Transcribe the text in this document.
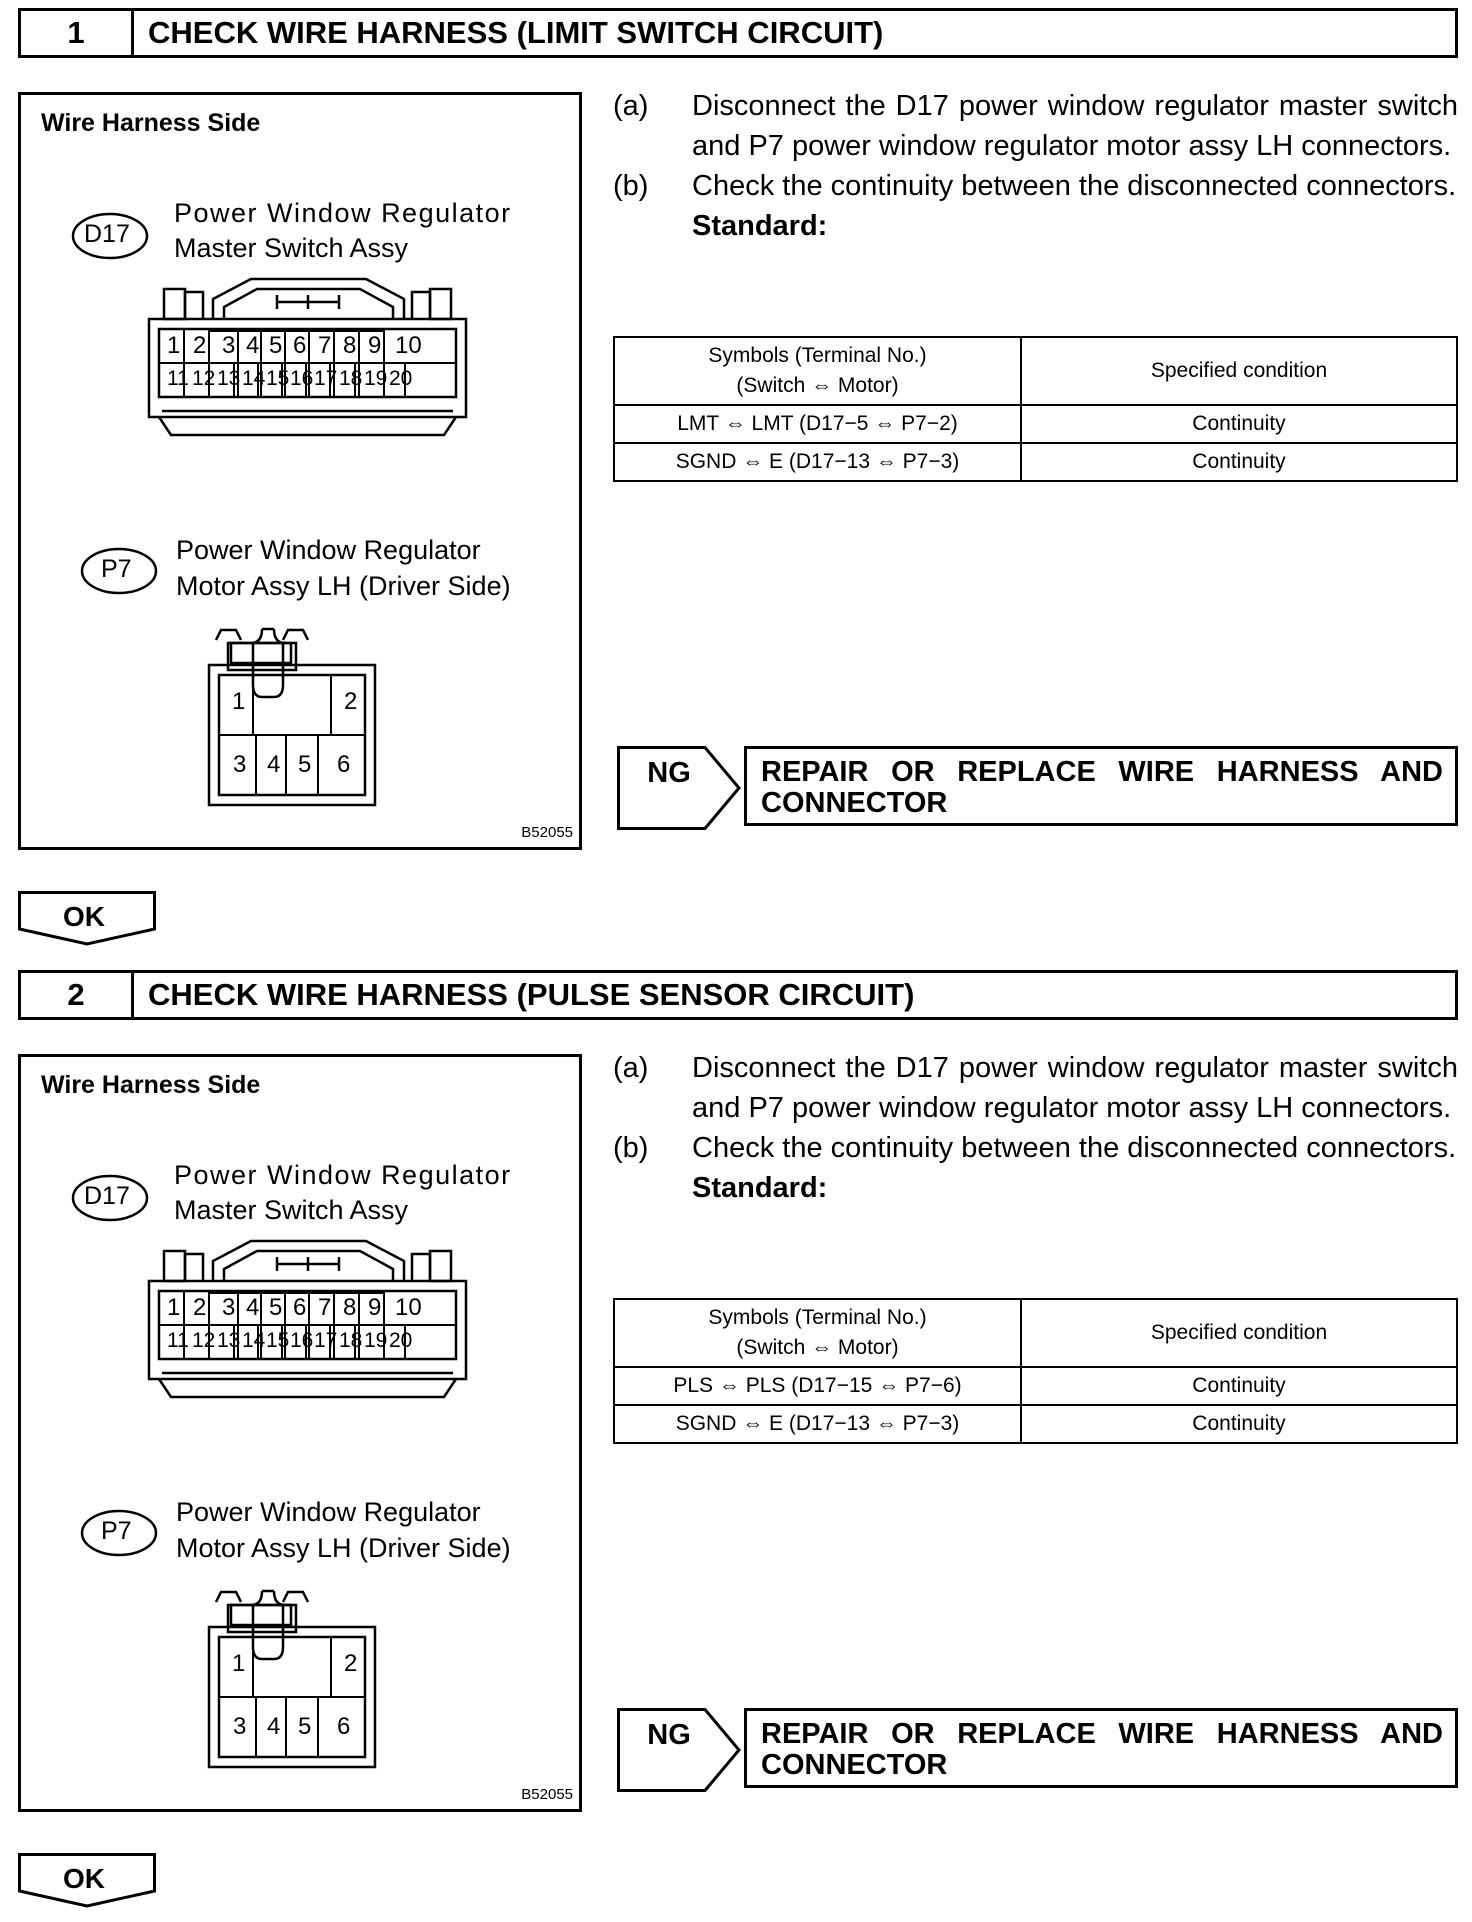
1	CHECK WIRE HARNESS (LIMIT SWITCH CIRCUIT)
Wire Harness Side
D17
Power Window Regulator
Master Switch Assy
1 2 3 4 5 6 7 8 9 10
11 12 13 14 15 16 17 18 19 20
P7
Power Window Regulator
Motor Assy LH (Driver Side)
1	2
3 4 5 6
B52055
(a)	Disconnect the D17 power window regulator master switch and P7 power window regulator motor assy LH connectors.
(b)	Check the continuity between the disconnected connectors.
Standard:
Symbols (Terminal No.)
(Switch ⇔ Motor)	Specified condition
LMT ⇔ LMT (D17−5 ⇔ P7−2)	Continuity
SGND ⇔ E (D17−13 ⇔ P7−3)	Continuity
NG REPAIR OR REPLACE WIRE HARNESS AND
CONNECTOR
OK
2	CHECK WIRE HARNESS (PULSE SENSOR CIRCUIT)
Wire Harness Side
D17
Power Window Regulator
Master Switch Assy
1 2 3 4 5 6 7 8 9 10
11 12 13 14 15 16 17 18 19 20
P7
Power Window Regulator
Motor Assy LH (Driver Side)
1	2
3 4 5 6
B52055
(a)	Disconnect the D17 power window regulator master switch and P7 power window regulator motor assy LH connectors.
(b)	Check the continuity between the disconnected connectors.
Standard:
Symbols (Terminal No.)
(Switch ⇔ Motor)	Specified condition
PLS ⇔ PLS (D17−15 ⇔ P7−6)	Continuity
SGND ⇔ E (D17−13 ⇔ P7−3)	Continuity
NG REPAIR OR REPLACE WIRE HARNESS AND
CONNECTOR
OK
